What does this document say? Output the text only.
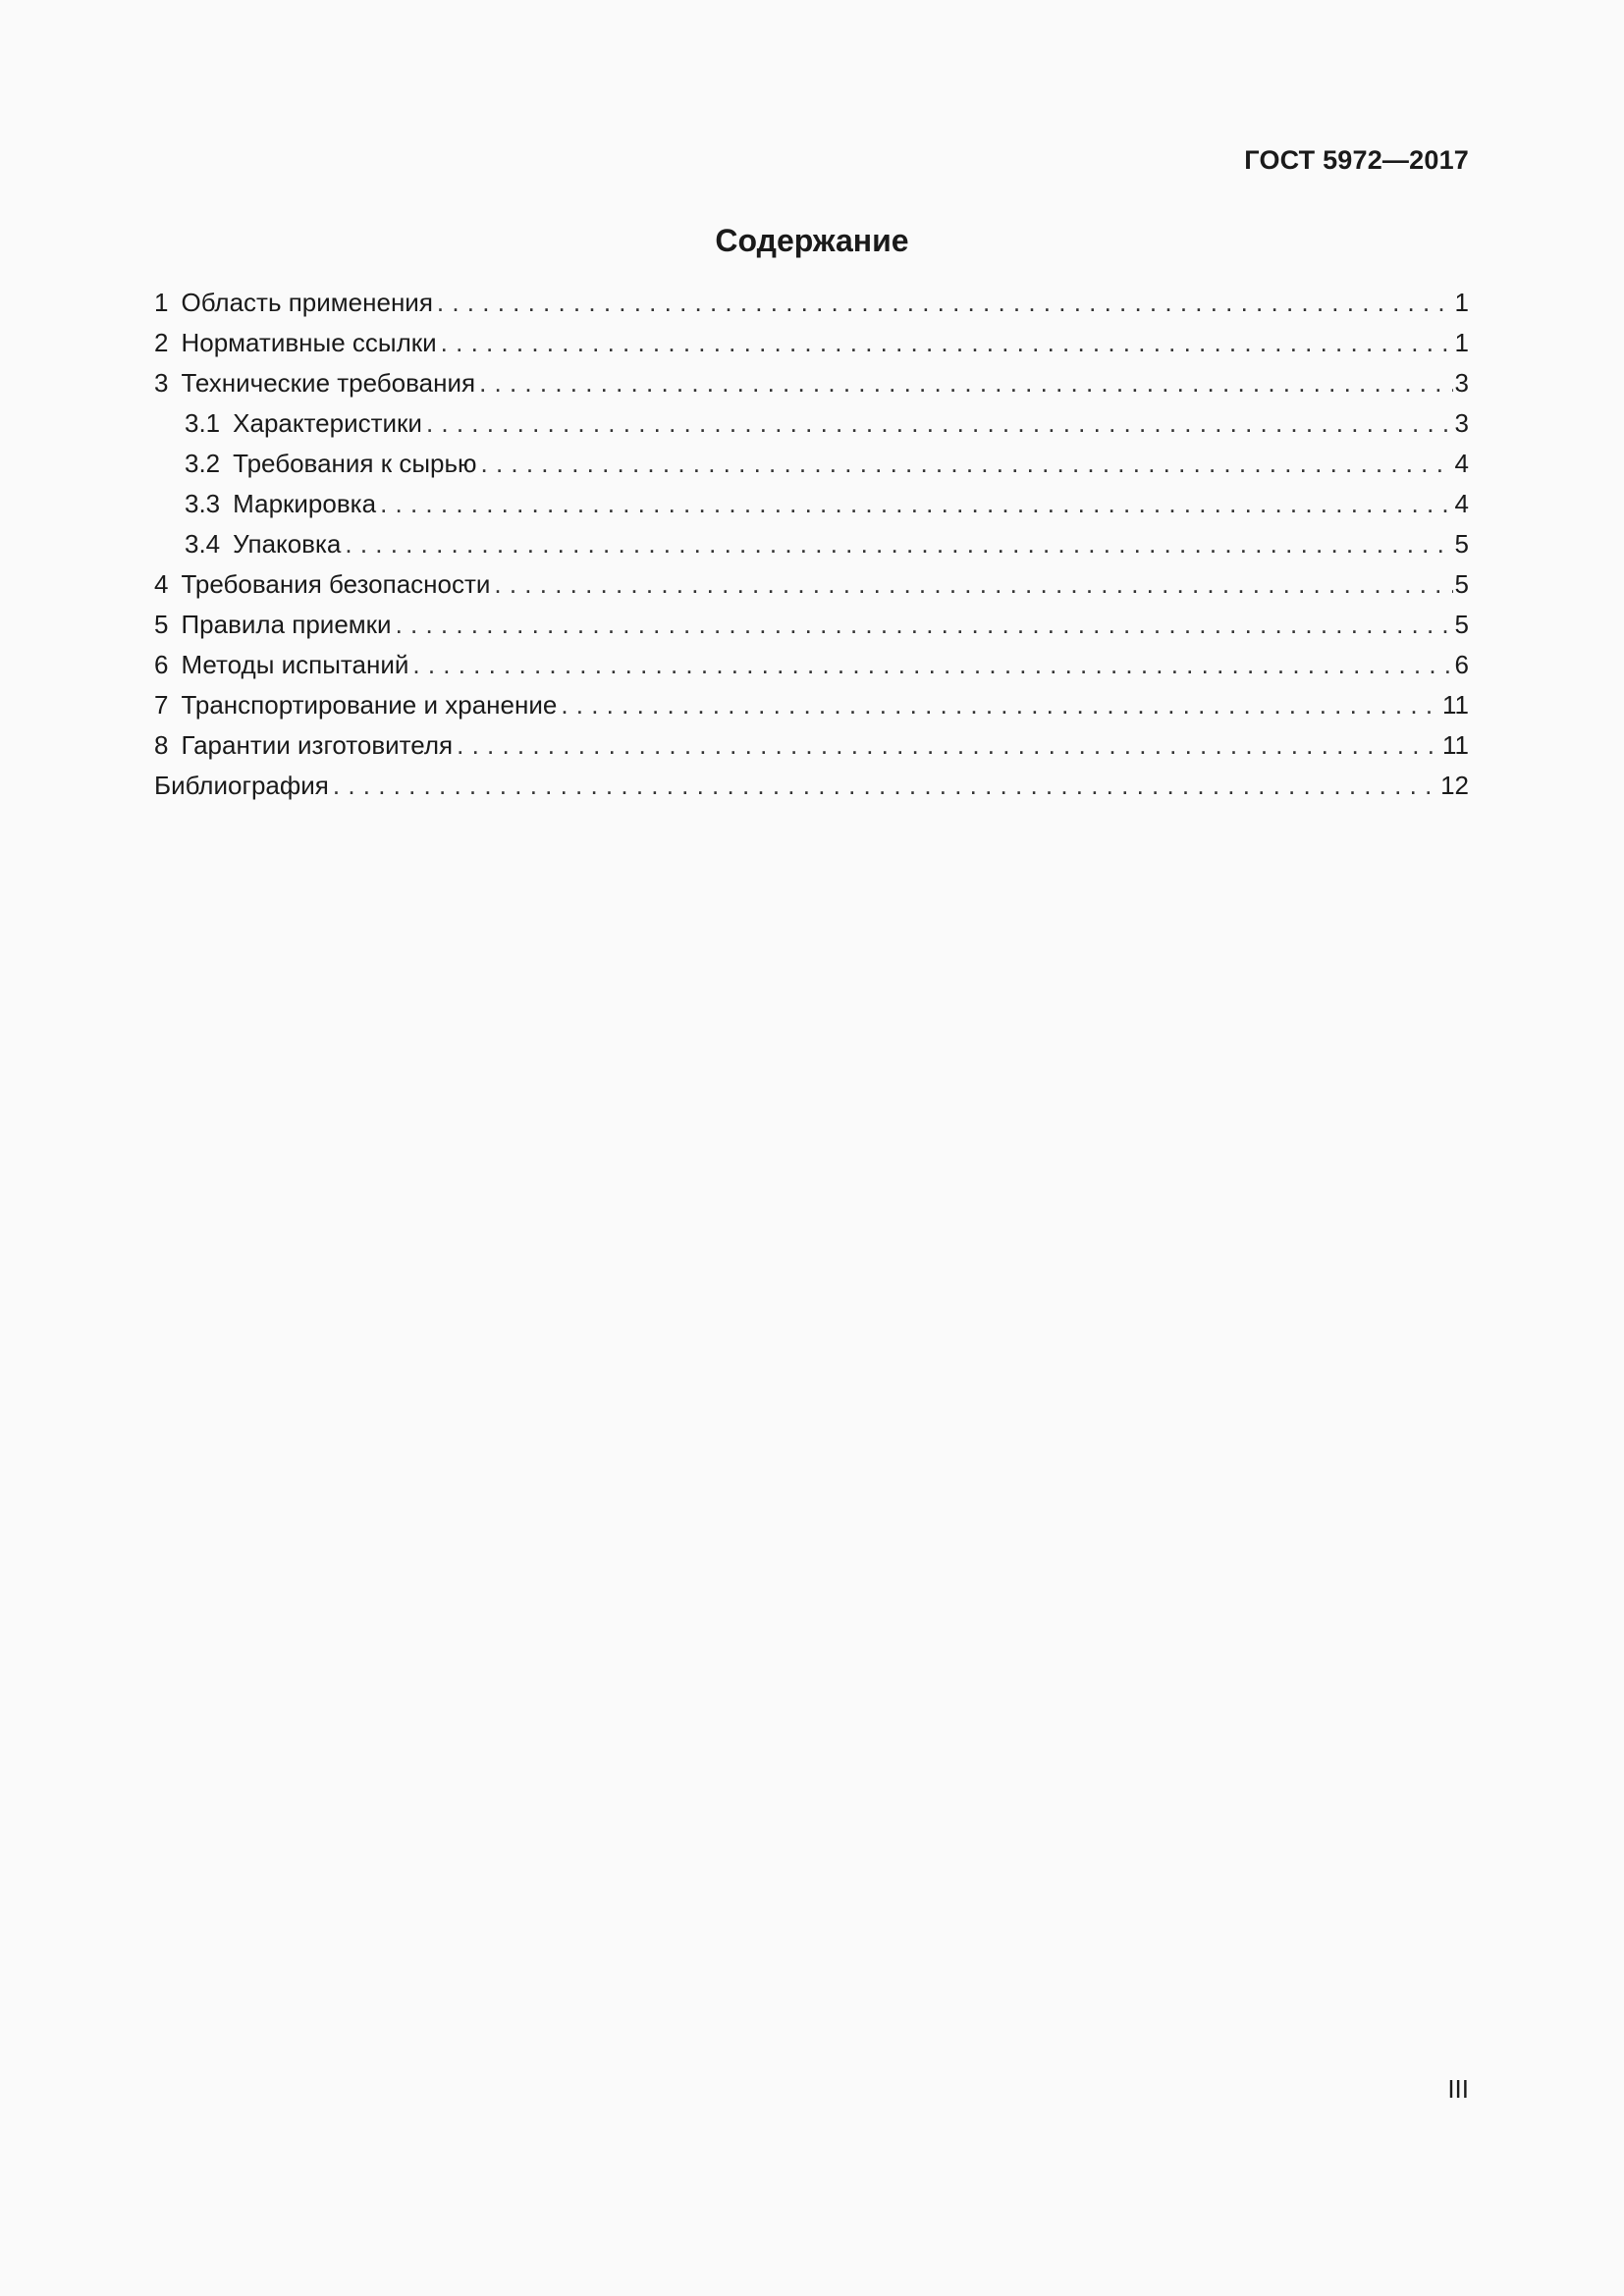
ГОСТ 5972—2017
Содержание
1 Область применения . . .	1
2 Нормативные ссылки . . .	1
3 Технические требования . . .	3
3.1 Характеристики . . .	3
3.2 Требования к сырью . . .	4
3.3 Маркировка . . .	4
3.4 Упаковка . . .	5
4 Требования безопасности . . .	5
5 Правила приемки . . .	5
6 Методы испытаний . . .	6
7 Транспортирование и хранение . . .	11
8 Гарантии изготовителя . . .	11
Библиография . . .	12
III
